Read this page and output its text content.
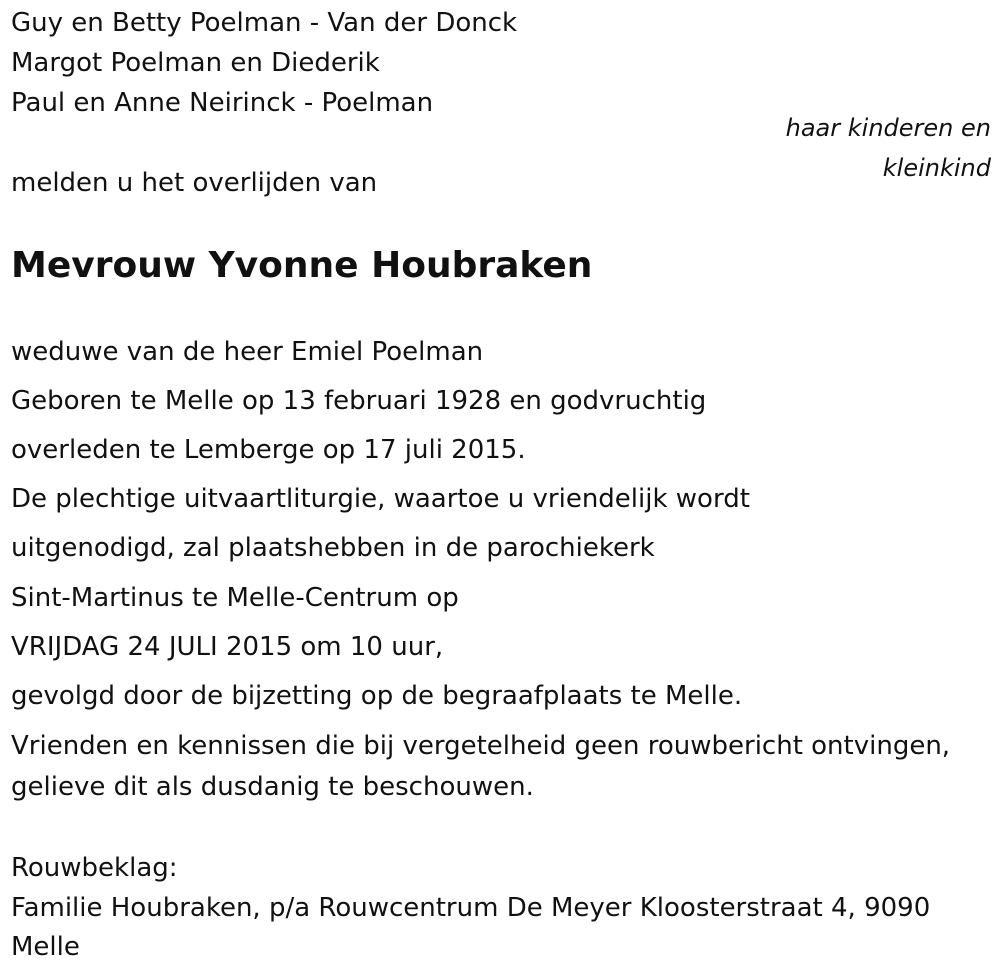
Guy en Betty Poelman - Van der Donck
Margot Poelman en Diederik
Paul en Anne Neirinck - Poelman
haar kinderen en
kleinkind
melden u het overlijden van
Mevrouw Yvonne Houbraken
weduwe van de heer Emiel Poelman
Geboren te Melle op 13 februari 1928 en godvruchtig
overleden te Lemberge op 17 juli 2015.
De plechtige uitvaartliturgie, waartoe u vriendelijk wordt
uitgenodigd, zal plaatshebben in de parochiekerk
Sint-Martinus te Melle-Centrum op
VRIJDAG 24 JULI 2015 om 10 uur,
gevolgd door de bijzetting op de begraafplaats te Melle.
Vrienden en kennissen die bij vergetelheid geen rouwbericht ontvingen,
gelieve dit als dusdanig te beschouwen.
Rouwbeklag:
Familie Houbraken, p/a Rouwcentrum De Meyer Kloosterstraat 4, 9090
Melle
